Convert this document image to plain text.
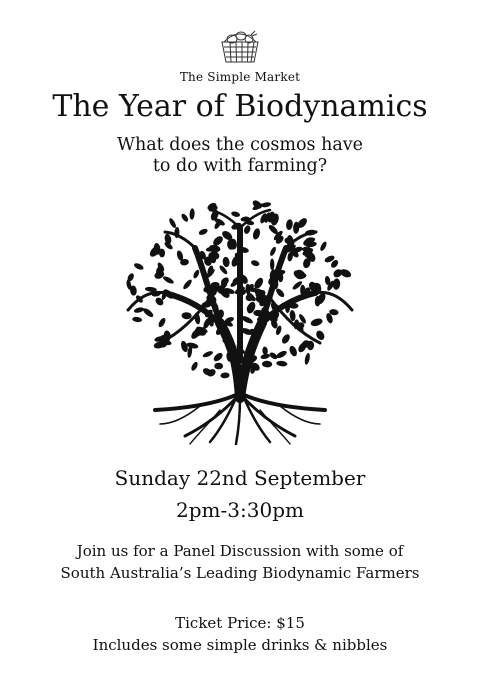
The Simple Market
The Year of Biodynamics
What does the cosmos have
to do with farming?
Sunday 22nd September
2pm-3:30pm
Join us for a Panel Discussion with some of
South Australia’s Leading Biodynamic Farmers
Ticket Price: $15
Includes some simple drinks & nibbles
